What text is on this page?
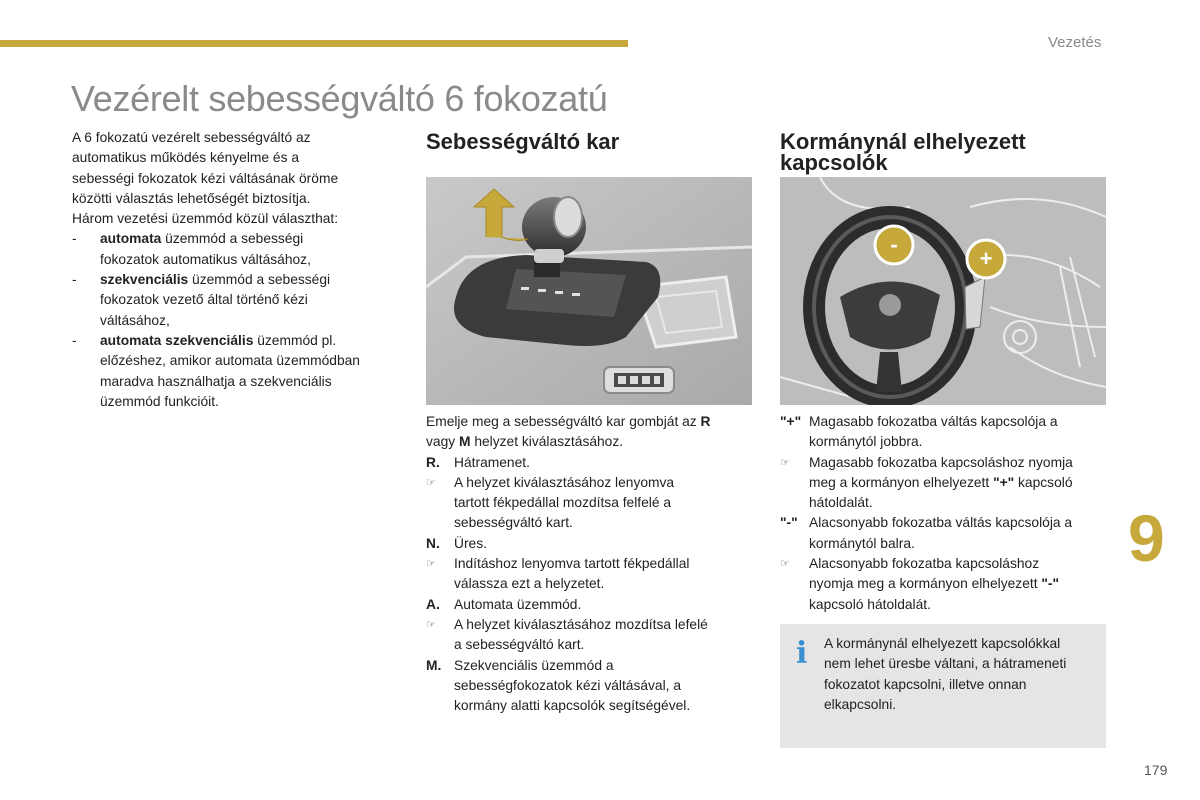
Vezetés
Vezérelt sebességváltó 6 fokozatú
9
179
A 6 fokozatú vezérelt sebességváltó az
automatikus működés kényelme és a
sebességi fokozatok kézi váltásának öröme
közötti választás lehetőségét biztosítja.
Három vezetési üzemmód közül választhat:
-	automata üzemmód a sebességi
fokozatok automatikus váltásához,
-	szekvenciális üzemmód a sebességi
fokozatok vezető által történő kézi
váltásához,
-	automata szekvenciális üzemmód pl.
előzéshez, amikor automata üzemmódban
maradva használhatja a szekvenciális
üzemmód funkcióit.
Sebességváltó kar
Emelje meg a sebességváltó kar gombját az R
vagy M helyzet kiválasztásához.
R.	Hátramenet.
☞	A helyzet kiválasztásához lenyomva
tartott fékpedállal mozdítsa felfelé a
sebességváltó kart.
N.	Üres.
☞	Indításhoz lenyomva tartott fékpedállal
válassza ezt a helyzetet.
A.	Automata üzemmód.
☞	A helyzet kiválasztásához mozdítsa lefelé
a sebességváltó kart.
M. Szekvenciális üzemmód a
sebességfokozatok kézi váltásával, a
kormány alatti kapcsolók segítségével.
Kormánynál elhelyezett
kapcsolók
-
+
"+" Magasabb fokozatba váltás kapcsolója a
kormánytól jobbra.
☞	Magasabb fokozatba kapcsoláshoz nyomja
meg a kormányon elhelyezett "+" kapcsoló
hátoldalát.
"-" Alacsonyabb fokozatba váltás kapcsolója a
kormánytól balra.
☞	Alacsonyabb fokozatba kapcsoláshoz
nyomja meg a kormányon elhelyezett "-"
kapcsoló hátoldalát.
i A kormánynál elhelyezett kapcsolókkal
nem lehet üresbe váltani, a hátrameneti
fokozatot kapcsolni, illetve onnan
elkapcsolni.
